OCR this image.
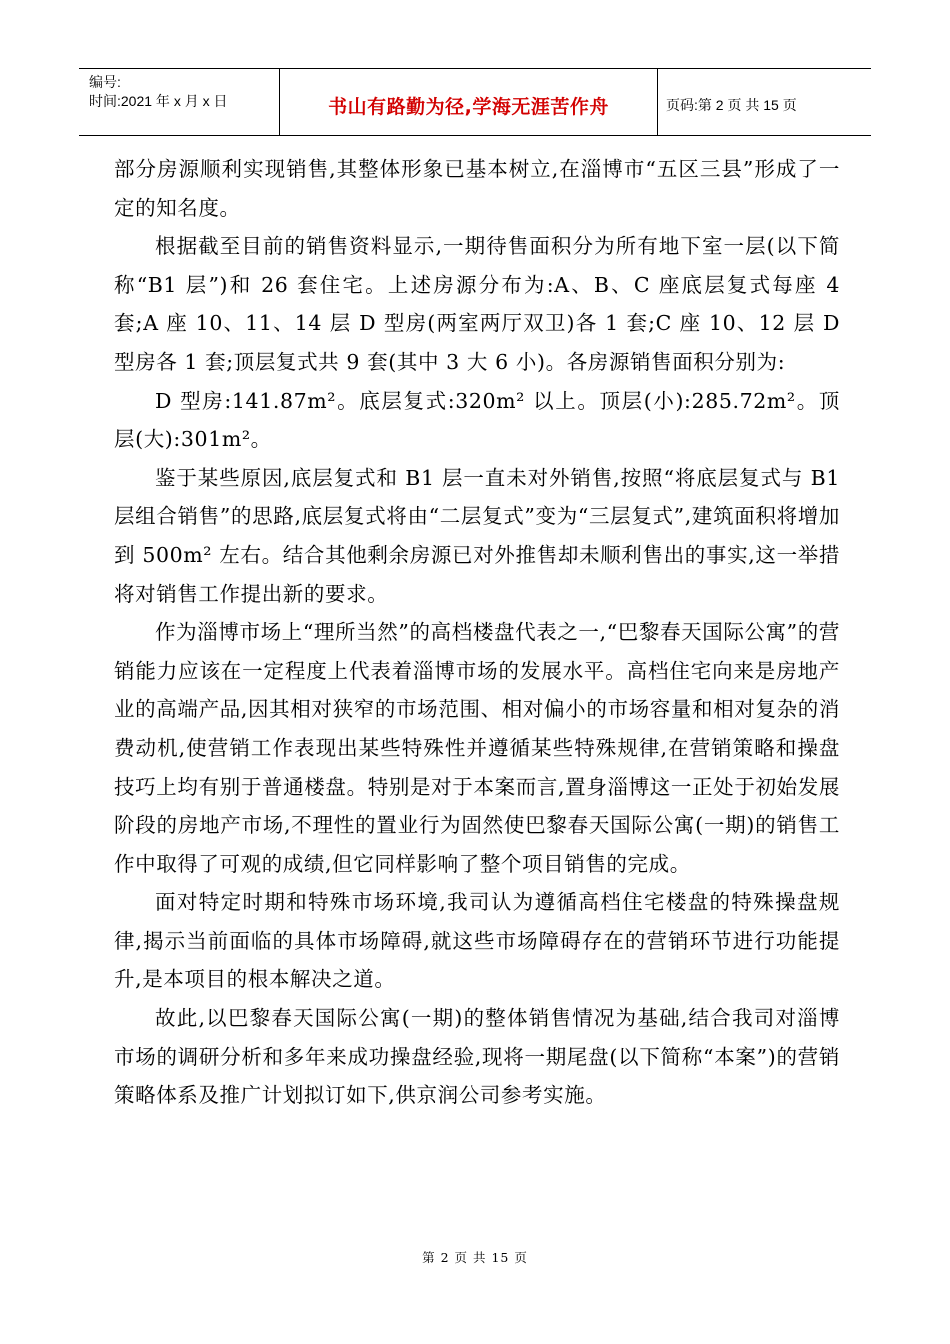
编号:
时间:2021 年 x 月 x 日	书山有路勤为径,学海无涯苦作舟	页码:第 2 页 共 15 页

部分房源顺利实现销售,其整体形象已基本树立,在淄博市“五区三县”形成了一定的知名度。

根据截至目前的销售资料显示,一期待售面积分为所有地下室一层(以下简称“B1 层”)和 26 套住宅。上述房源分布为:A、B、C 座底层复式每座 4 套;A 座 10、11、14 层 D 型房(两室两厅双卫)各 1 套;C 座 10、12 层 D 型房各 1 套;顶层复式共 9 套(其中 3 大 6 小)。各房源销售面积分别为:

D 型房:141.87m²。底层复式:320m² 以上。顶层(小):285.72m²。顶层(大):301m²。

鉴于某些原因,底层复式和 B1 层一直未对外销售,按照“将底层复式与 B1 层组合销售”的思路,底层复式将由“二层复式”变为“三层复式”,建筑面积将增加到 500m² 左右。结合其他剩余房源已对外推售却未顺利售出的事实,这一举措将对销售工作提出新的要求。

作为淄博市场上“理所当然”的高档楼盘代表之一,“巴黎春天国际公寓”的营销能力应该在一定程度上代表着淄博市场的发展水平。高档住宅向来是房地产业的高端产品,因其相对狭窄的市场范围、相对偏小的市场容量和相对复杂的消费动机,使营销工作表现出某些特殊性并遵循某些特殊规律,在营销策略和操盘技巧上均有别于普通楼盘。特别是对于本案而言,置身淄博这一正处于初始发展阶段的房地产市场,不理性的置业行为固然使巴黎春天国际公寓(一期)的销售工作中取得了可观的成绩,但它同样影响了整个项目销售的完成。

面对特定时期和特殊市场环境,我司认为遵循高档住宅楼盘的特殊操盘规律,揭示当前面临的具体市场障碍,就这些市场障碍存在的营销环节进行功能提升,是本项目的根本解决之道。

故此,以巴黎春天国际公寓(一期)的整体销售情况为基础,结合我司对淄博市场的调研分析和多年来成功操盘经验,现将一期尾盘(以下简称“本案”)的营销策略体系及推广计划拟订如下,供京润公司参考实施。

第 2 页 共 15 页
